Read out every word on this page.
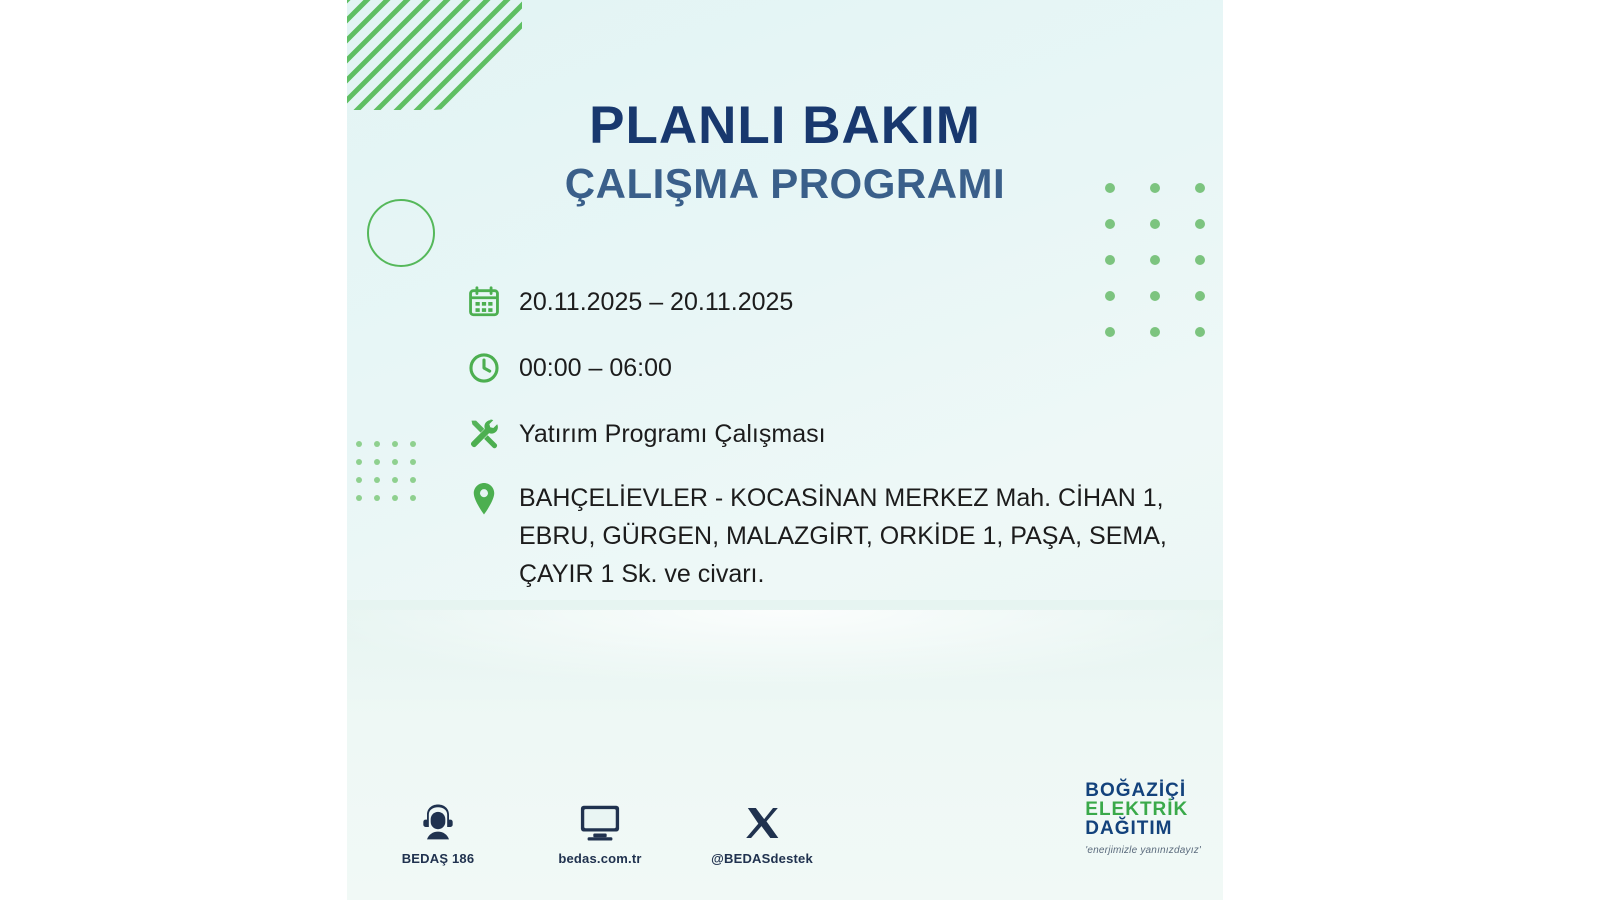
PLANLI BAKIM
ÇALIŞMA PROGRAMI
20.11.2025 – 20.11.2025
00:00 – 06:00
Yatırım Programı Çalışması
BAHÇELİEVLER - KOCASİNAN MERKEZ Mah. CİHAN 1, EBRU, GÜRGEN, MALAZGİRT, ORKİDE 1, PAŞA, SEMA, ÇAYIR 1 Sk. ve civarı.
BEDAŞ 186	bedas.com.tr	@BEDASdestek
BOĞAZİÇİ
ELEKTRİK
DAĞITIM
'enerjimizle yanınızdayız'
